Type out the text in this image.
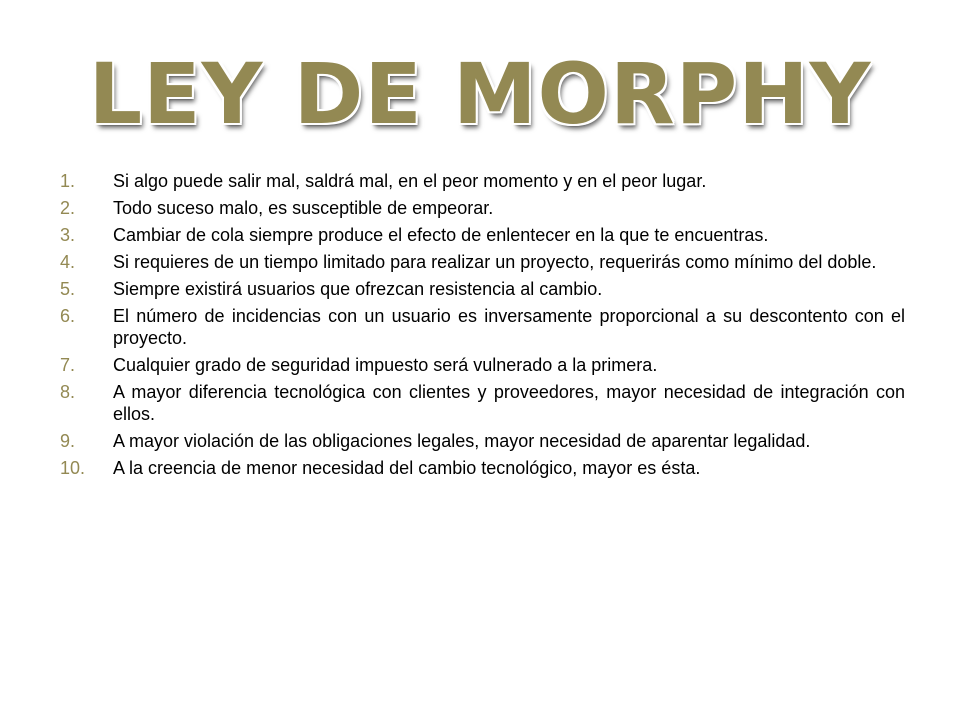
LEY DE MORPHY
1. Si algo puede salir mal, saldrá mal, en el peor momento y en el peor lugar.
2. Todo suceso malo, es susceptible de empeorar.
3. Cambiar de cola siempre produce el efecto de enlentecer en la que te encuentras.
4. Si requieres de un tiempo limitado para realizar un proyecto, requerirás como mínimo del doble.
5. Siempre existirá usuarios que ofrezcan resistencia al cambio.
6. El número de incidencias con un usuario es inversamente proporcional a su descontento con el proyecto.
7. Cualquier grado de seguridad impuesto será vulnerado a la primera.
8. A mayor diferencia tecnológica con clientes y proveedores, mayor necesidad de integración con ellos.
9. A mayor violación de las obligaciones legales, mayor necesidad de aparentar legalidad.
10. A la creencia de menor necesidad del cambio tecnológico, mayor es ésta.
